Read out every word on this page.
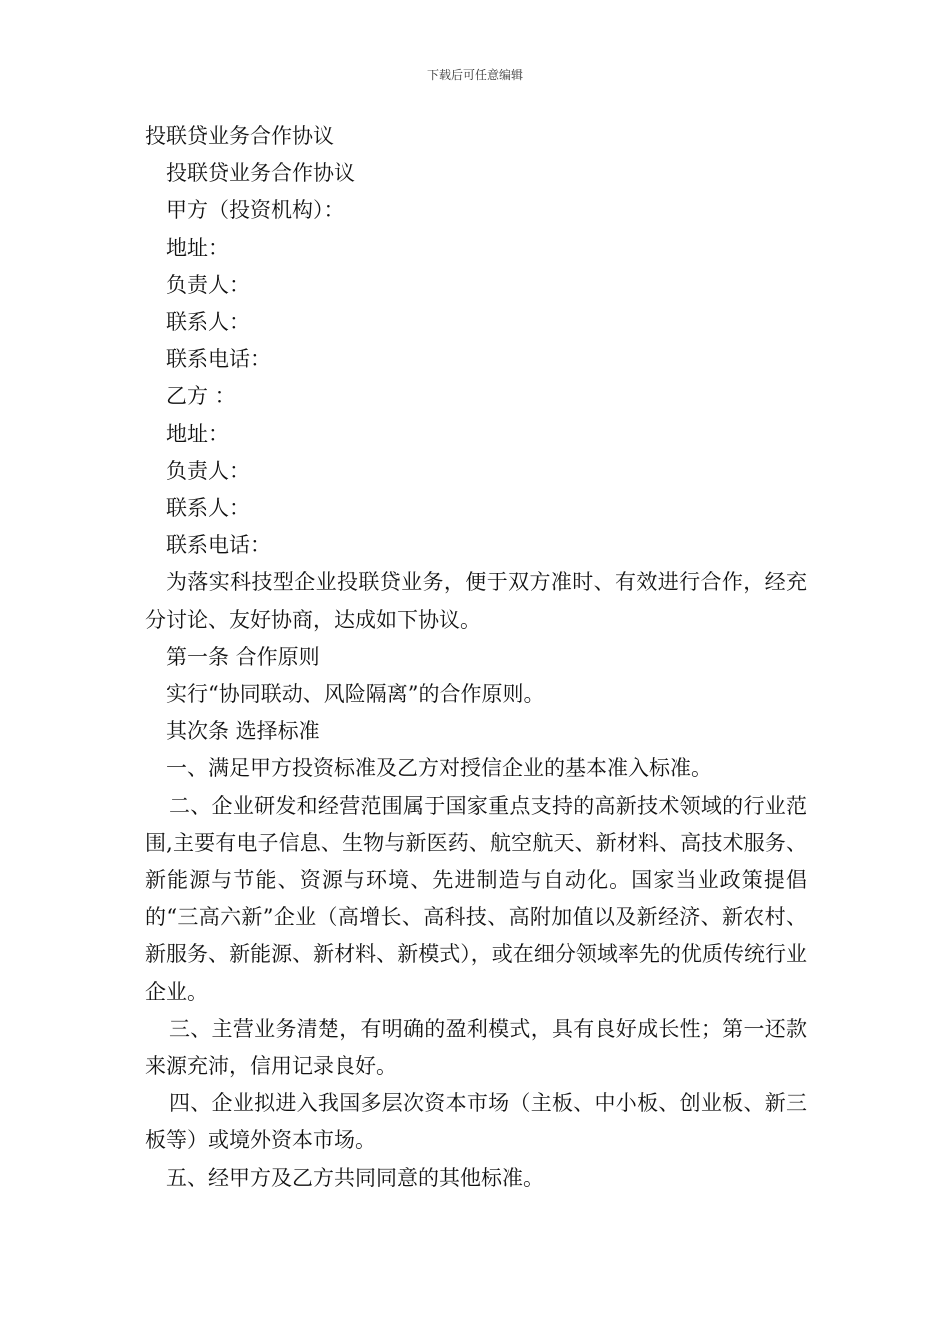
下载后可任意编辑

投联贷业务合作协议

投联贷业务合作协议

甲方（投资机构）：

地址：

负责人：

联系人：

联系电话：

乙方 ：

地址：

负责人：

联系人：

联系电话：

为落实科技型企业投联贷业务，便于双方准时、有效进行合作，经充分讨论、友好协商，达成如下协议。

第一条 合作原则

实行“协同联动、风险隔离”的合作原则。

其次条 选择标准

一、满足甲方投资标准及乙方对授信企业的基本准入标准。

二、企业研发和经营范围属于国家重点支持的高新技术领域的行业范围,主要有电子信息、生物与新医药、航空航天、新材料、高技术服务、新能源与节能、资源与环境、先进制造与自动化。国家当业政策提倡的“三高六新”企业（高增长、高科技、高附加值以及新经济、新农村、新服务、新能源、新材料、新模式），或在细分领域率先的优质传统行业企业。

三、主营业务清楚，有明确的盈利模式，具有良好成长性；第一还款来源充沛，信用记录良好。

四、企业拟进入我国多层次资本市场（主板、中小板、创业板、新三板等）或境外资本市场。

五、经甲方及乙方共同同意的其他标准。
